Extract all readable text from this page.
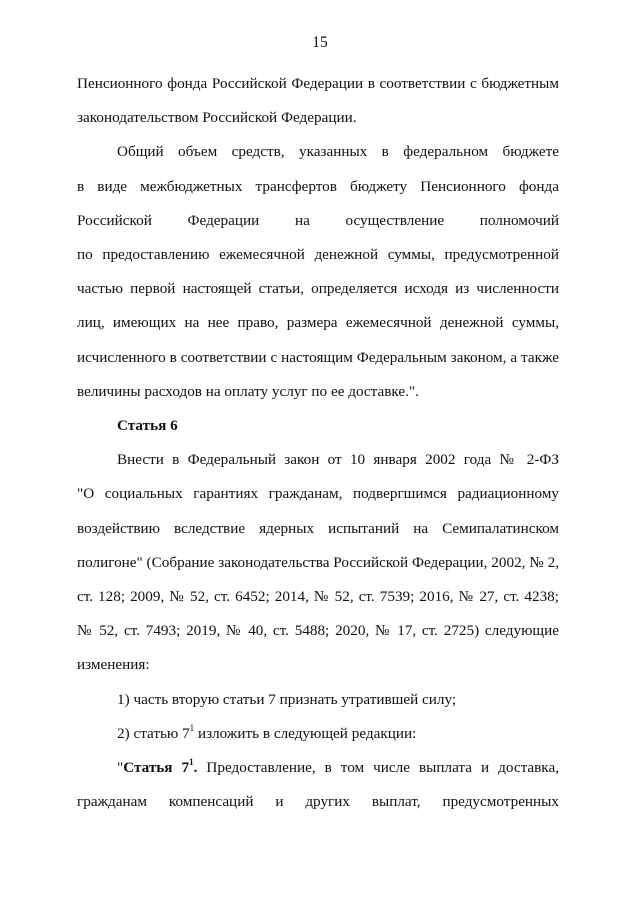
15
Пенсионного фонда Российской Федерации в соответствии с бюджетным
законодательством Российской Федерации.
Общий объем средств, указанных в федеральном бюджете
в виде межбюджетных трансфертов бюджету Пенсионного фонда
Российской Федерации на осуществление полномочий
по предоставлению ежемесячной денежной суммы, предусмотренной
частью первой настоящей статьи, определяется исходя из численности
лиц, имеющих на нее право, размера ежемесячной денежной суммы,
исчисленного в соответствии с настоящим Федеральным законом, а также
величины расходов на оплату услуг по ее доставке.".
Статья 6
Внести в Федеральный закон от 10 января 2002 года № 2-ФЗ
"О социальных гарантиях гражданам, подвергшимся радиационному
воздействию вследствие ядерных испытаний на Семипалатинском
полигоне" (Собрание законодательства Российской Федерации, 2002, № 2,
ст. 128; 2009, № 52, ст. 6452; 2014, № 52, ст. 7539; 2016, № 27, ст. 4238;
№ 52, ст. 7493; 2019, № 40, ст. 5488; 2020, № 17, ст. 2725) следующие
изменения:
1) часть вторую статьи 7 признать утратившей силу;
2) статью $7^1$ изложить в следующей редакции:
"Статья $7^1$. Предоставление, в том числе выплата и доставка,
гражданам компенсаций и других выплат, предусмотренных
